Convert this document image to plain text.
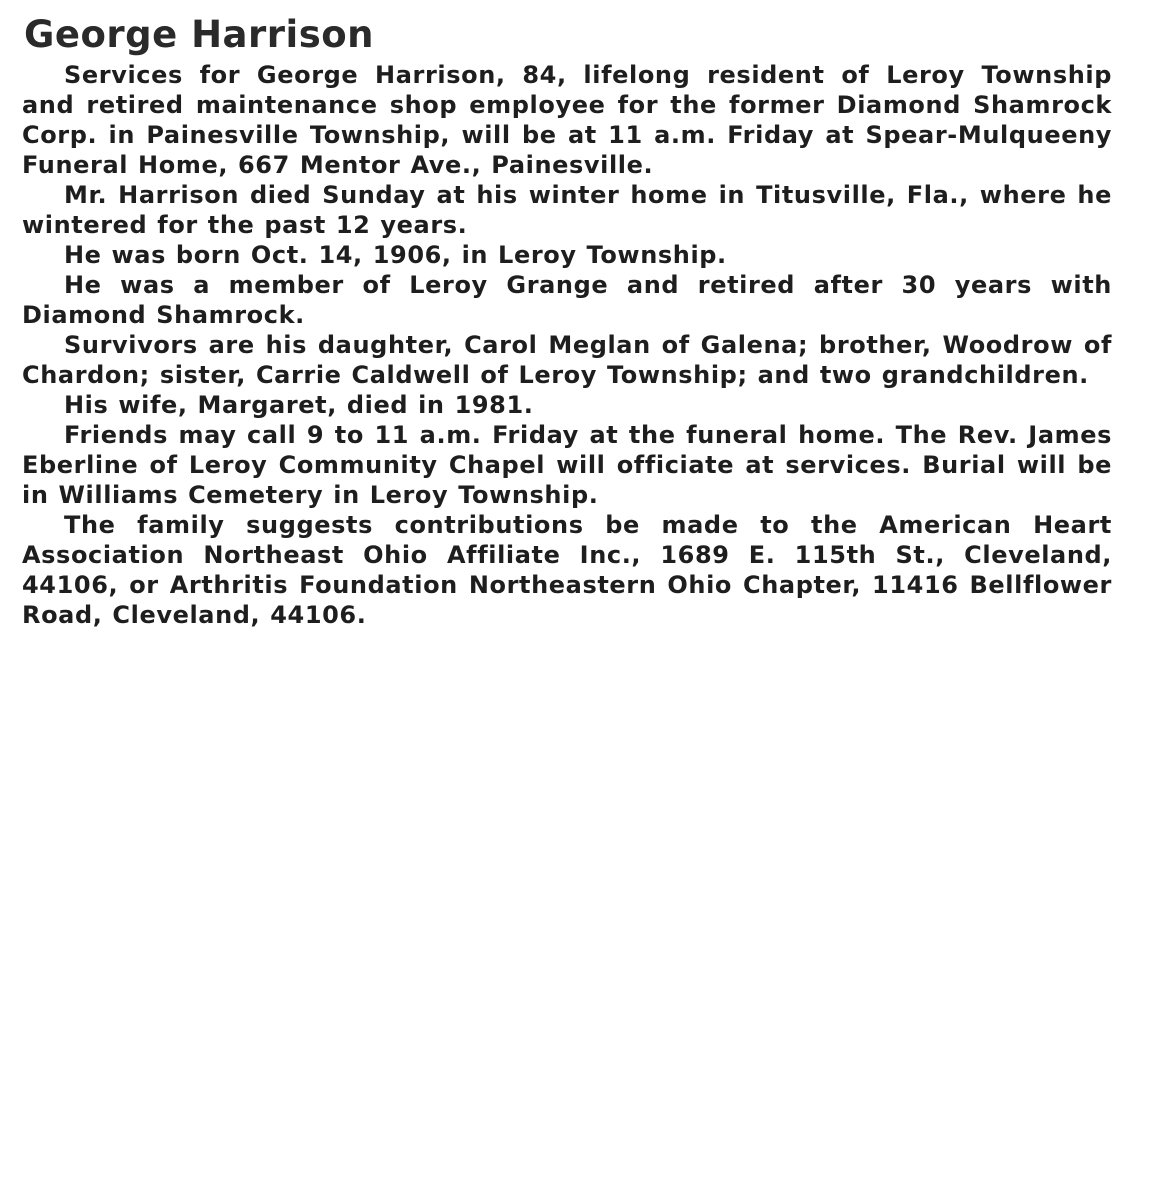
George Harrison

Services for George Harrison, 84, lifelong resident of Leroy Township and retired maintenance shop employee for the former Diamond Shamrock Corp. in Painesville Township, will be at 11 a.m. Friday at Spear-Mulqueeny Funeral Home, 667 Mentor Ave., Painesville.

Mr. Harrison died Sunday at his winter home in Titusville, Fla., where he wintered for the past 12 years.

He was born Oct. 14, 1906, in Leroy Township.

He was a member of Leroy Grange and retired after 30 years with Diamond Shamrock.

Survivors are his daughter, Carol Meglan of Galena; brother, Woodrow of Chardon; sister, Carrie Caldwell of Leroy Township; and two grandchildren.

His wife, Margaret, died in 1981.

Friends may call 9 to 11 a.m. Friday at the funeral home. The Rev. James Eberline of Leroy Community Chapel will officiate at services. Burial will be in Williams Cemetery in Leroy Township.

The family suggests contributions be made to the American Heart Association Northeast Ohio Affiliate Inc., 1689 E. 115th St., Cleveland, 44106, or Arthritis Foundation Northeastern Ohio Chapter, 11416 Bellflower Road, Cleveland, 44106.
